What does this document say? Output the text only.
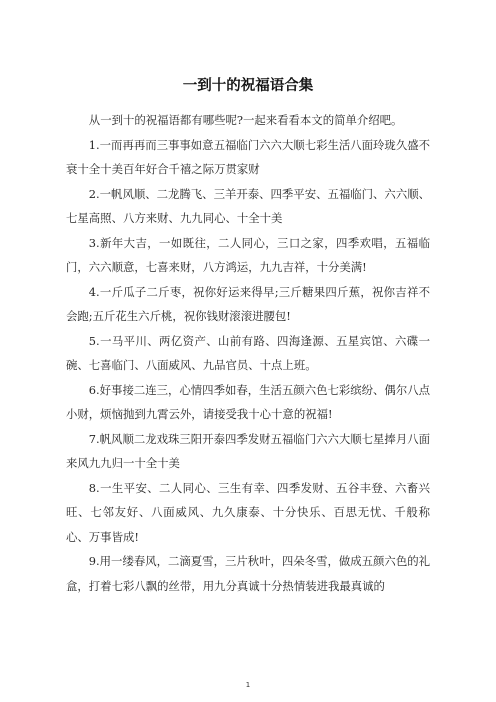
一到十的祝福语合集

从一到十的祝福语都有哪些呢?一起来看看本文的简单介绍吧。

1.一而再再而三事事如意五福临门六六大顺七彩生活八面玲珑久盛不衰十全十美百年好合千禧之际万贯家财

2.一帆风顺、二龙腾飞、三羊开泰、四季平安、五福临门、六六顺、七星高照、八方来财、九九同心、十全十美

3.新年大吉，一如既往，二人同心，三口之家，四季欢唱，五福临门，六六顺意，七喜来财，八方鸿运，九九吉祥，十分美满!

4.一斤瓜子二斤枣，祝你好运来得早;三斤糖果四斤蕉，祝你吉祥不会跑;五斤花生六斤桃，祝你钱财滚滚进腰包!

5.一马平川、两亿资产、山前有路、四海逢源、五星宾馆、六碟一碗、七喜临门、八面威风、九品官员、十点上班。

6.好事接二连三，心情四季如春，生活五颜六色七彩缤纷、偶尔八点小财，烦恼抛到九霄云外，请接受我十心十意的祝福!

7.帆风顺二龙戏珠三阳开泰四季发财五福临门六六大顺七星捧月八面来风九九归一十全十美

8.一生平安、二人同心、三生有幸、四季发财、五谷丰登、六畜兴旺、七邻友好、八面威风、九久康泰、十分快乐、百思无忧、千般称心、万事皆成!

9.用一缕春风，二滴夏雪，三片秋叶，四朵冬雪，做成五颜六色的礼盒，打着七彩八飘的丝带，用九分真诚十分热情装进我最真诚的

1
